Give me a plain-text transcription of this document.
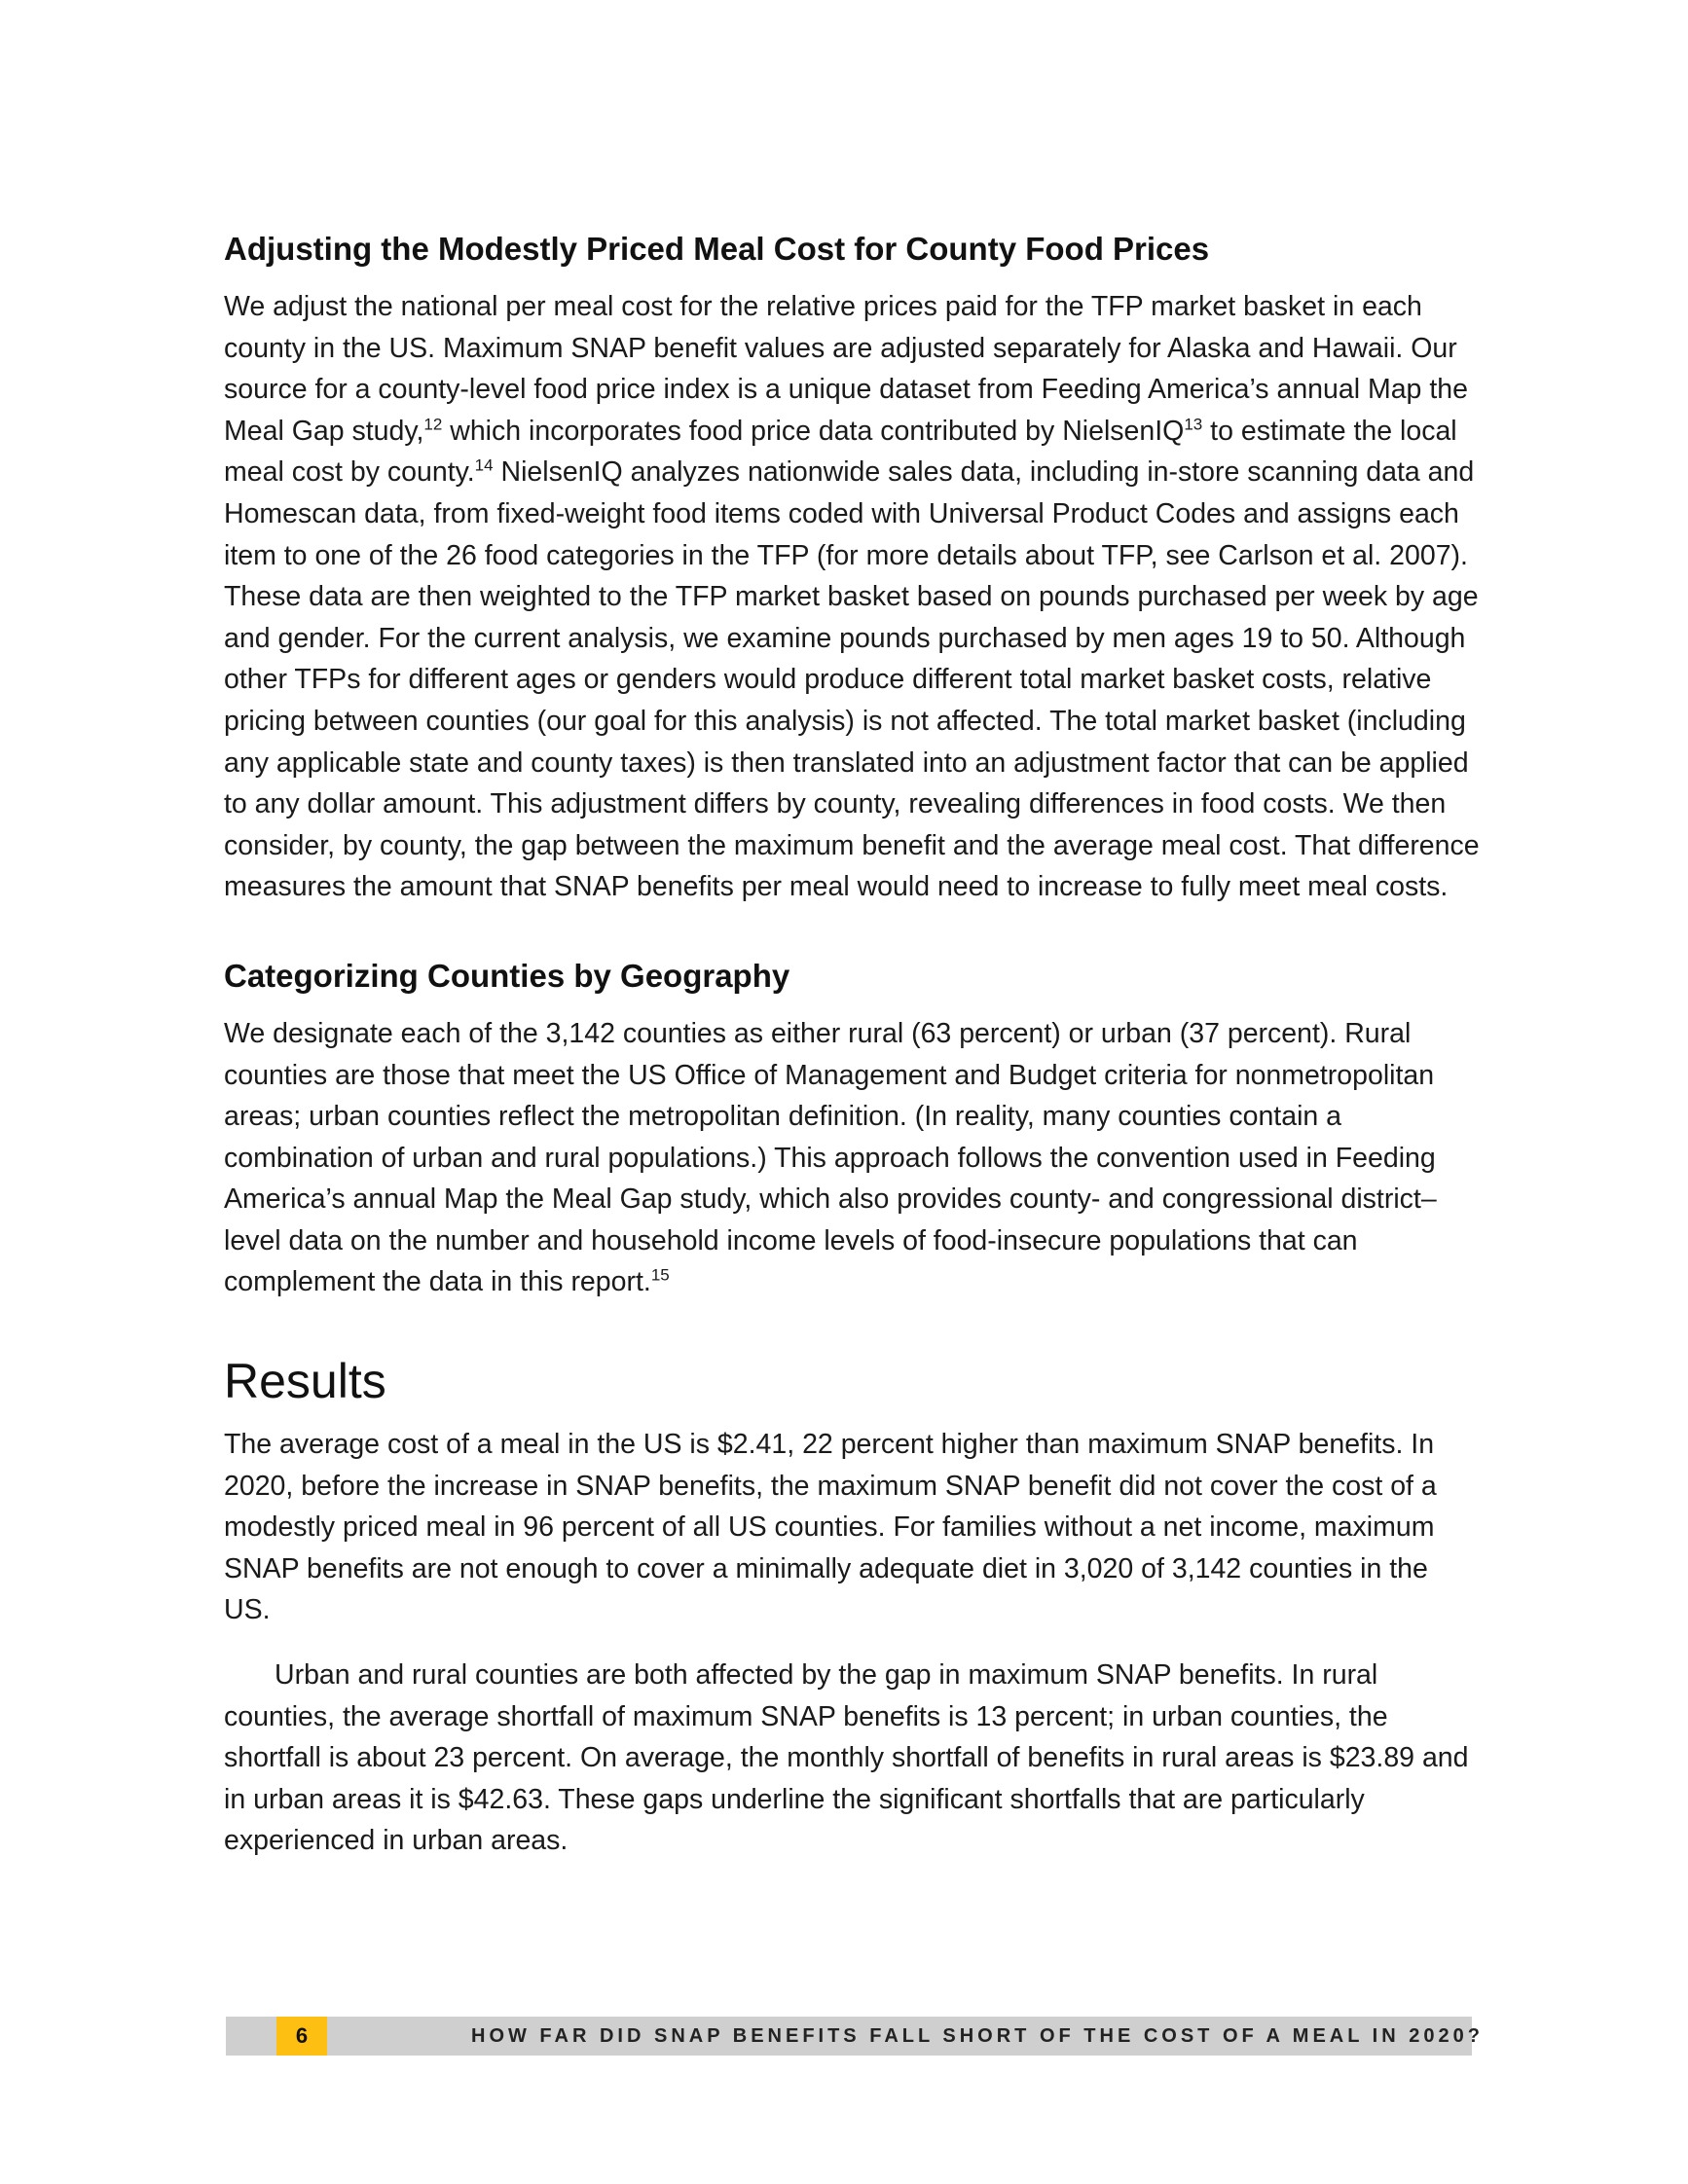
Adjusting the Modestly Priced Meal Cost for County Food Prices

We adjust the national per meal cost for the relative prices paid for the TFP market basket in each county in the US. Maximum SNAP benefit values are adjusted separately for Alaska and Hawaii. Our source for a county-level food price index is a unique dataset from Feeding America’s annual Map the Meal Gap study,$^{12}$ which incorporates food price data contributed by NielsenIQ$^{13}$ to estimate the local meal cost by county.$^{14}$ NielsenIQ analyzes nationwide sales data, including in-store scanning data and Homescan data, from fixed-weight food items coded with Universal Product Codes and assigns each item to one of the 26 food categories in the TFP (for more details about TFP, see Carlson et al. 2007). These data are then weighted to the TFP market basket based on pounds purchased per week by age and gender. For the current analysis, we examine pounds purchased by men ages 19 to 50. Although other TFPs for different ages or genders would produce different total market basket costs, relative pricing between counties (our goal for this analysis) is not affected. The total market basket (including any applicable state and county taxes) is then translated into an adjustment factor that can be applied to any dollar amount. This adjustment differs by county, revealing differences in food costs. We then consider, by county, the gap between the maximum benefit and the average meal cost. That difference measures the amount that SNAP benefits per meal would need to increase to fully meet meal costs.

Categorizing Counties by Geography

We designate each of the 3,142 counties as either rural (63 percent) or urban (37 percent). Rural counties are those that meet the US Office of Management and Budget criteria for nonmetropolitan areas; urban counties reflect the metropolitan definition. (In reality, many counties contain a combination of urban and rural populations.) This approach follows the convention used in Feeding America’s annual Map the Meal Gap study, which also provides county- and congressional district–level data on the number and household income levels of food-insecure populations that can complement the data in this report.$^{15}$

Results

The average cost of a meal in the US is $2.41, 22 percent higher than maximum SNAP benefits. In 2020, before the increase in SNAP benefits, the maximum SNAP benefit did not cover the cost of a modestly priced meal in 96 percent of all US counties. For families without a net income, maximum SNAP benefits are not enough to cover a minimally adequate diet in 3,020 of 3,142 counties in the US.

Urban and rural counties are both affected by the gap in maximum SNAP benefits. In rural counties, the average shortfall of maximum SNAP benefits is 13 percent; in urban counties, the shortfall is about 23 percent. On average, the monthly shortfall of benefits in rural areas is $23.89 and in urban areas it is $42.63. These gaps underline the significant shortfalls that are particularly experienced in urban areas.

6	HOW FAR DID SNAP BENEFITS FALL SHORT OF THE COST OF A MEAL IN 2020?
